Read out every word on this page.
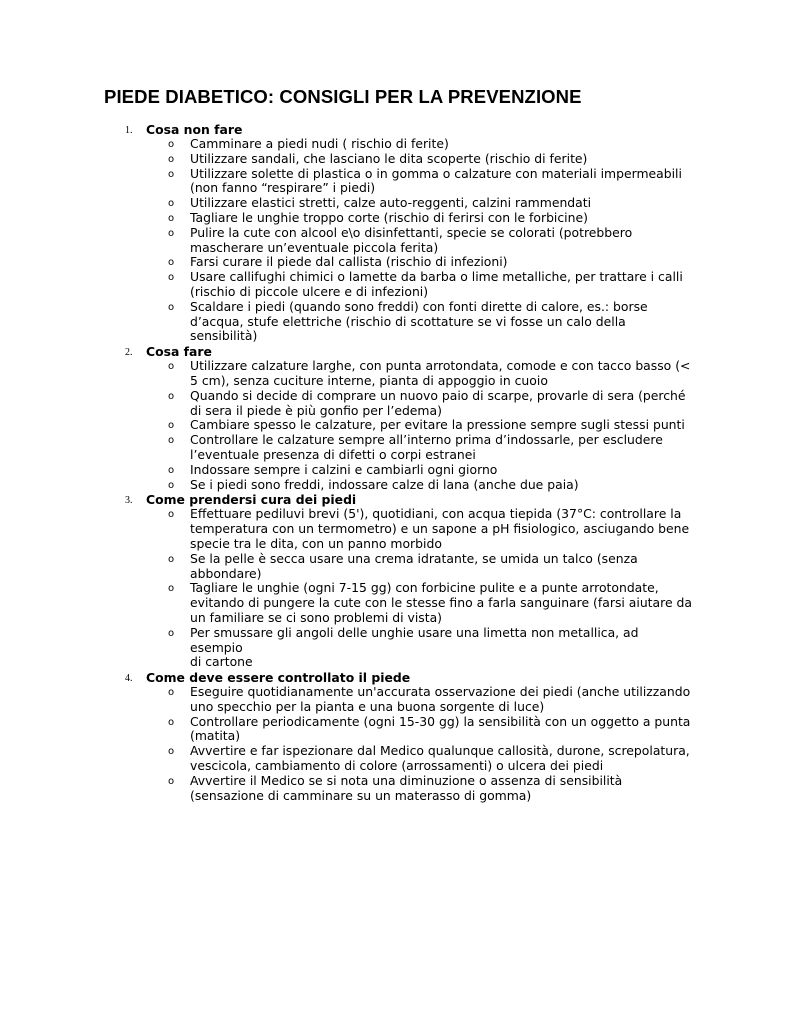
PIEDE DIABETICO: CONSIGLI PER LA PREVENZIONE
1. Cosa non fare
o Camminare a piedi nudi ( rischio di ferite)
o Utilizzare sandali, che lasciano le dita scoperte (rischio di ferite)
o Utilizzare solette di plastica o in gomma o calzature con materiali impermeabili
(non fanno “respirare” i piedi)
o Utilizzare elastici stretti, calze auto-reggenti, calzini rammendati
o Tagliare le unghie troppo corte (rischio di ferirsi con le forbicine)
o Pulire la cute con alcool e\o disinfettanti, specie se colorati (potrebbero
mascherare un’eventuale piccola ferita)
o Farsi curare il piede dal callista (rischio di infezioni)
o Usare callifughi chimici o lamette da barba o lime metalliche, per trattare i calli
(rischio di piccole ulcere e di infezioni)
o Scaldare i piedi (quando sono freddi) con fonti dirette di calore, es.: borse
d’acqua, stufe elettriche (rischio di scottature se vi fosse un calo della
sensibilità)
2. Cosa fare
o Utilizzare calzature larghe, con punta arrotondata, comode e con tacco basso (<
5 cm), senza cuciture interne, pianta di appoggio in cuoio
o Quando si decide di comprare un nuovo paio di scarpe, provarle di sera (perché
di sera il piede è più gonfio per l’edema)
o Cambiare spesso le calzature, per evitare la pressione sempre sugli stessi punti
o Controllare le calzature sempre all’interno prima d’indossarle, per escludere
l’eventuale presenza di difetti o corpi estranei
o Indossare sempre i calzini e cambiarli ogni giorno
o Se i piedi sono freddi, indossare calze di lana (anche due paia)
3. Come prendersi cura dei piedi
o Effettuare pediluvi brevi (5'), quotidiani, con acqua tiepida (37°C: controllare la
temperatura con un termometro) e un sapone a pH fisiologico, asciugando bene
specie tra le dita, con un panno morbido
o Se la pelle è secca usare una crema idratante, se umida un talco (senza
abbondare)
o Tagliare le unghie (ogni 7-15 gg) con forbicine pulite e a punte arrotondate,
evitando di pungere la cute con le stesse fino a farla sanguinare (farsi aiutare da
un familiare se ci sono problemi di vista)
o Per smussare gli angoli delle unghie usare una limetta non metallica, ad esempio
di cartone
4. Come deve essere controllato il piede
o Eseguire quotidianamente un'accurata osservazione dei piedi (anche utilizzando
uno specchio per la pianta e una buona sorgente di luce)
o Controllare periodicamente (ogni 15-30 gg) la sensibilità con un oggetto a punta
(matita)
o Avvertire e far ispezionare dal Medico qualunque callosità, durone, screpolatura,
vescicola, cambiamento di colore (arrossamenti) o ulcera dei piedi
o Avvertire il Medico se si nota una diminuzione o assenza di sensibilità
(sensazione di camminare su un materasso di gomma)
